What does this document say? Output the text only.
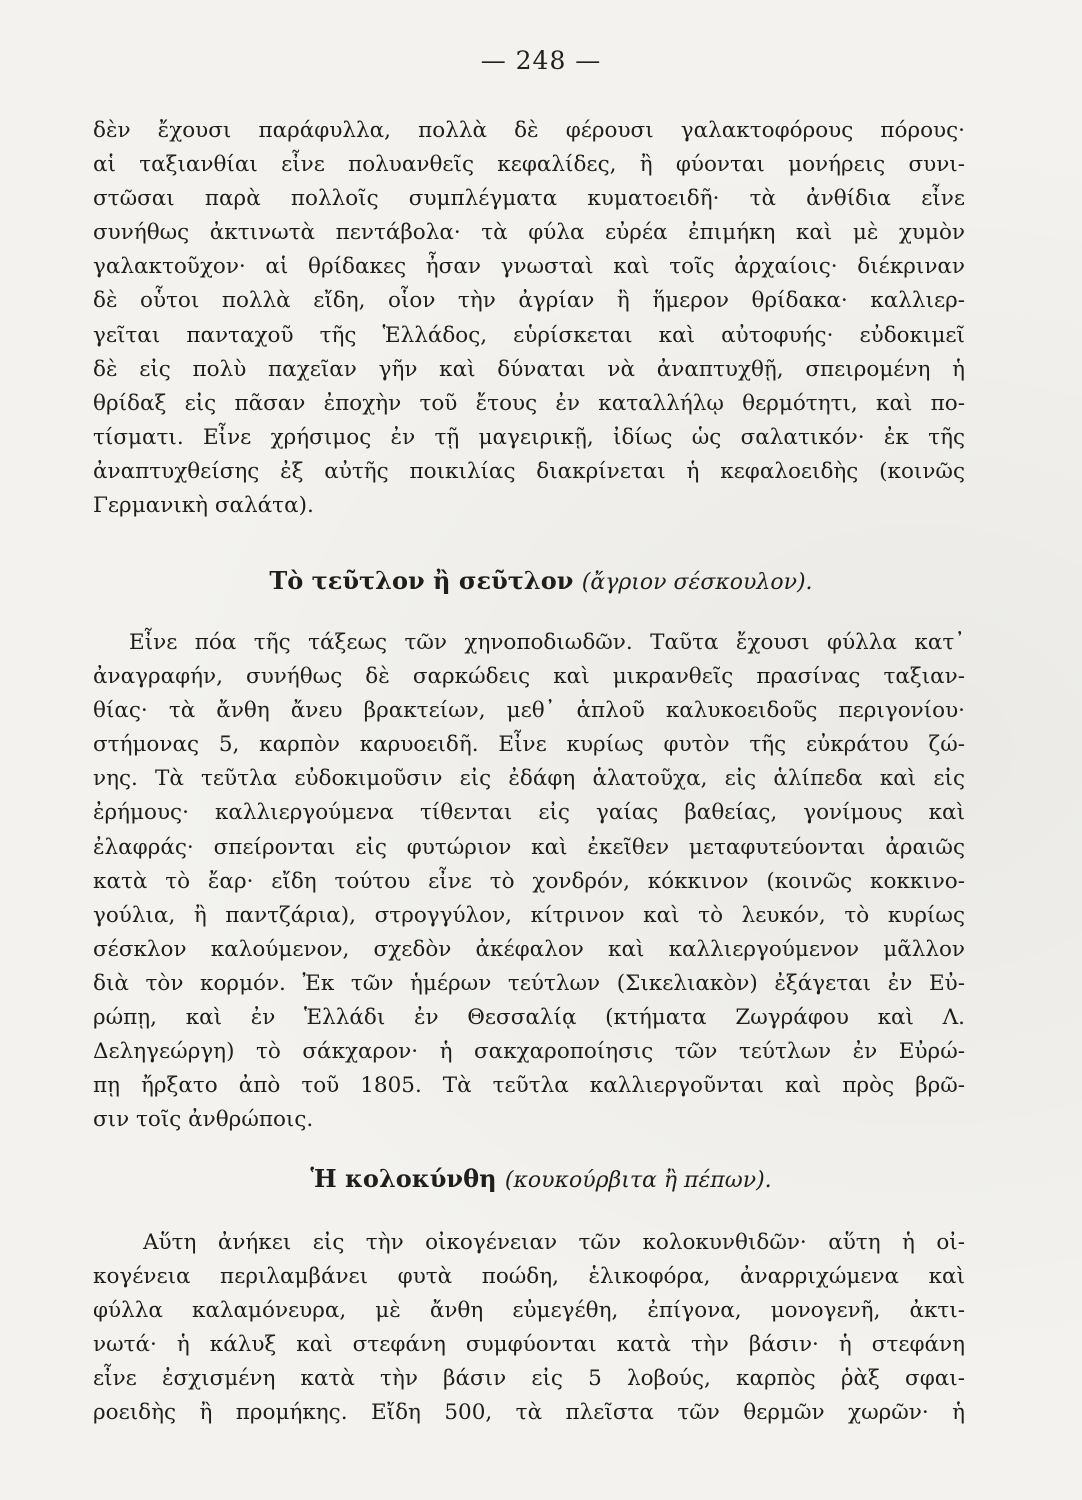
— 248 —
δὲν ἔχουσι παράφυλλα, πολλὰ δὲ φέρουσι γαλακτοφόρους πόρους·
αἱ ταξιανθίαι εἶνε πολυανθεῖς κεφαλίδες, ἢ φύονται μονήρεις συνι-
στῶσαι παρὰ πολλοῖς συμπλέγματα κυματοειδῆ· τὰ ἀνθίδια εἶνε
συνήθως ἀκτινωτὰ πεντάβολα· τὰ φύλα εὐρέα ἐπιμήκη καὶ μὲ χυμὸν
γαλακτοῦχον· αἱ θρίδακες ἦσαν γνωσταὶ καὶ τοῖς ἀρχαίοις· διέκριναν
δὲ οὗτοι πολλὰ εἴδη, οἷον τὴν ἀγρίαν ἢ ἥμερον θρίδακα· καλλιερ-
γεῖται πανταχοῦ τῆς Ἑλλάδος, εὑρίσκεται καὶ αὐτοφυής· εὐδοκιμεῖ
δὲ εἰς πολὺ παχεῖαν γῆν καὶ δύναται νὰ ἀναπτυχθῇ, σπειρομένη ἡ
θρίδαξ εἰς πᾶσαν ἐποχὴν τοῦ ἔτους ἐν καταλλήλῳ θερμότητι, καὶ πο-
τίσματι. Εἶνε χρήσιμος ἐν τῇ μαγειρικῇ, ἰδίως ὡς σαλατικόν· ἐκ τῆς
ἀναπτυχθείσης ἐξ αὐτῆς ποικιλίας διακρίνεται ἡ κεφαλοειδὴς (κοινῶς
Γερμανικὴ σαλάτα).
Τὸ τεῦτλον ἢ σεῦτλον (ἄγριον σέσκουλον).
Εἶνε πόα τῆς τάξεως τῶν χηνοποδιωδῶν. Ταῦτα ἔχουσι φύλλα κατ᾿
ἀναγραφήν, συνήθως δὲ σαρκώδεις καὶ μικρανθεῖς πρασίνας ταξιαν-
θίας· τὰ ἄνθη ἄνευ βρακτείων, μεθ᾿ ἁπλοῦ καλυκοειδοῦς περιγονίου·
στήμονας 5, καρπὸν καρυοειδῆ. Εἶνε κυρίως φυτὸν τῆς εὐκράτου ζώ-
νης. Τὰ τεῦτλα εὐδοκιμοῦσιν εἰς ἐδάφη ἁλατοῦχα, εἰς ἁλίπεδα καὶ εἰς
ἐρήμους· καλλιεργούμενα τίθενται εἰς γαίας βαθείας, γονίμους καὶ
ἐλαφράς· σπείρονται εἰς φυτώριον καὶ ἐκεῖθεν μεταφυτεύονται ἀραιῶς
κατὰ τὸ ἔαρ· εἴδη τούτου εἶνε τὸ χονδρόν, κόκκινον (κοινῶς κοκκινο-
γούλια, ἢ παντζάρια), στρογγύλον, κίτρινον καὶ τὸ λευκόν, τὸ κυρίως
σέσκλον καλούμενον, σχεδὸν ἀκέφαλον καὶ καλλιεργούμενον μᾶλλον
διὰ τὸν κορμόν. Ἐκ τῶν ἡμέρων τεύτλων (Σικελιακὸν) ἐξάγεται ἐν Εὐ-
ρώπῃ, καὶ ἐν Ἑλλάδι ἐν Θεσσαλίᾳ (κτήματα Ζωγράφου καὶ Λ.
Δεληγεώργη) τὸ σάκχαρον· ἡ σακχαροποίησις τῶν τεύτλων ἐν Εὐρώ-
πῃ ἤρξατο ἀπὸ τοῦ 1805. Τὰ τεῦτλα καλλιεργοῦνται καὶ πρὸς βρῶ-
σιν τοῖς ἀνθρώποις.
Ἡ κολοκύνθη (κουκούρβιτα ἢ πέπων).
Αὕτη ἀνήκει εἰς τὴν οἰκογένειαν τῶν κολοκυνθιδῶν· αὕτη ἡ οἰ-
κογένεια περιλαμβάνει φυτὰ ποώδη, ἑλικοφόρα, ἀναρριχώμενα καὶ
φύλλα καλαμόνευρα, μὲ ἄνθη εὐμεγέθη, ἐπίγονα, μονογενῆ, ἀκτι-
νωτά· ἡ κάλυξ καὶ στεφάνη συμφύονται κατὰ τὴν βάσιν· ἡ στεφάνη
εἶνε ἐσχισμένη κατὰ τὴν βάσιν εἰς 5 λοβούς, καρπὸς ῥὰξ σφαι-
ροειδὴς ἢ προμήκης. Εἴδη 500, τὰ πλεῖστα τῶν θερμῶν χωρῶν· ἡ
